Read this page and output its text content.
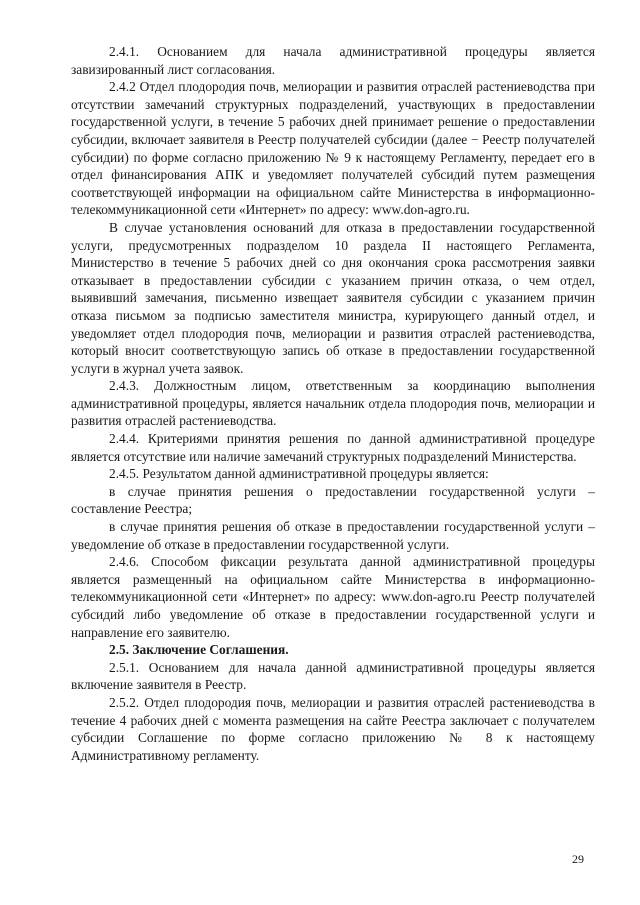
2.4.1. Основанием для начала административной процедуры является завизированный лист согласования.

2.4.2 Отдел плодородия почв, мелиорации и развития отраслей растениеводства при отсутствии замечаний структурных подразделений, участвующих в предоставлении государственной услуги, в течение 5 рабочих дней принимает решение о предоставлении субсидии, включает заявителя в Реестр получателей субсидии (далее − Реестр получателей субсидии) по форме согласно приложению № 9 к настоящему Регламенту, передает его в отдел финансирования АПК и уведомляет получателей субсидий путем размещения соответствующей информации на официальном сайте Министерства в информационно-телекоммуникационной сети «Интернет» по адресу: www.don-agro.ru.

В случае установления оснований для отказа в предоставлении государственной услуги, предусмотренных подразделом 10 раздела II настоящего Регламента, Министерство в течение 5 рабочих дней со дня окончания срока рассмотрения заявки отказывает в предоставлении субсидии с указанием причин отказа, о чем отдел, выявивший замечания, письменно извещает заявителя субсидии с указанием причин отказа письмом за подписью заместителя министра, курирующего данный отдел, и уведомляет отдел плодородия почв, мелиорации и развития отраслей растениеводства, который вносит соответствующую запись об отказе в предоставлении государственной услуги в журнал учета заявок.

2.4.3. Должностным лицом, ответственным за координацию выполнения административной процедуры, является начальник отдела плодородия почв, мелиорации и развития отраслей растениеводства.

2.4.4. Критериями принятия решения по данной административной процедуре является отсутствие или наличие замечаний структурных подразделений Министерства.

2.4.5. Результатом данной административной процедуры является:

в случае принятия решения о предоставлении государственной услуги – составление Реестра;

в случае принятия решения об отказе в предоставлении государственной услуги – уведомление об отказе в предоставлении государственной услуги.

2.4.6. Способом фиксации результата данной административной процедуры является размещенный на официальном сайте Министерства в информационно-телекоммуникационной сети «Интернет» по адресу: www.don-agro.ru Реестр получателей субсидий либо уведомление об отказе в предоставлении государственной услуги и направление его заявителю.

2.5. Заключение Соглашения.

2.5.1. Основанием для начала данной административной процедуры является включение заявителя в Реестр.

2.5.2. Отдел плодородия почв, мелиорации и развития отраслей растениеводства в течение 4 рабочих дней с момента размещения на сайте Реестра заключает с получателем субсидии Соглашение по форме согласно приложению № 8 к настоящему Административному регламенту.

29
